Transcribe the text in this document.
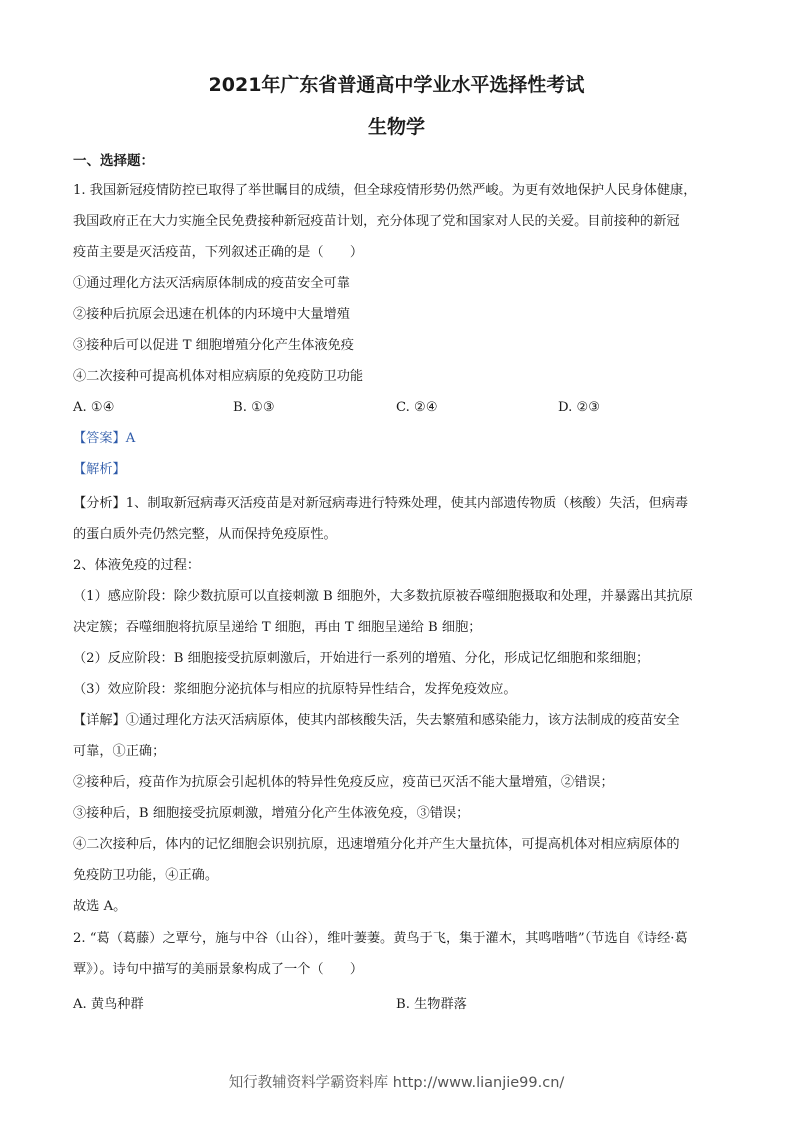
2021年广东省普通高中学业水平选择性考试
生物学
一、选择题：
1. 我国新冠疫情防控已取得了举世瞩目的成绩，但全球疫情形势仍然严峻。为更有效地保护人民身体健康，
我国政府正在大力实施全民免费接种新冠疫苗计划，充分体现了党和国家对人民的关爱。目前接种的新冠
疫苗主要是灭活疫苗，下列叙述正确的是（　　）
①通过理化方法灭活病原体制成的疫苗安全可靠
②接种后抗原会迅速在机体的内环境中大量增殖
③接种后可以促进 T 细胞增殖分化产生体液免疫
④二次接种可提高机体对相应病原的免疫防卫功能
A. ①④	B. ①③	C. ②④	D. ②③
【答案】A
【解析】
【分析】1、制取新冠病毒灭活疫苗是对新冠病毒进行特殊处理，使其内部遗传物质（核酸）失活，但病毒
的蛋白质外壳仍然完整，从而保持免疫原性。
2、体液免疫的过程：
（1）感应阶段：除少数抗原可以直接刺激 B 细胞外，大多数抗原被吞噬细胞摄取和处理，并暴露出其抗原
决定簇；吞噬细胞将抗原呈递给 T 细胞，再由 T 细胞呈递给 B 细胞；
（2）反应阶段：B 细胞接受抗原刺激后，开始进行一系列的增殖、分化，形成记忆细胞和浆细胞；
（3）效应阶段：浆细胞分泌抗体与相应的抗原特异性结合，发挥免疫效应。
【详解】①通过理化方法灭活病原体，使其内部核酸失活，失去繁殖和感染能力，该方法制成的疫苗安全
可靠，①正确；
②接种后，疫苗作为抗原会引起机体的特异性免疫反应，疫苗已灭活不能大量增殖，②错误；
③接种后，B 细胞接受抗原刺激，增殖分化产生体液免疫，③错误；
④二次接种后，体内的记忆细胞会识别抗原，迅速增殖分化并产生大量抗体，可提高机体对相应病原体的
免疫防卫功能，④正确。
故选 A。
2. “葛（葛藤）之覃兮，施与中谷（山谷），维叶萋萋。黄鸟于飞，集于灌木，其鸣喈喈”（节选自《诗经·葛
覃》）。诗句中描写的美丽景象构成了一个（　　）
A. 黄鸟种群	B. 生物群落
知行教辅资料学霸资料库 http://www.lianjie99.cn/
